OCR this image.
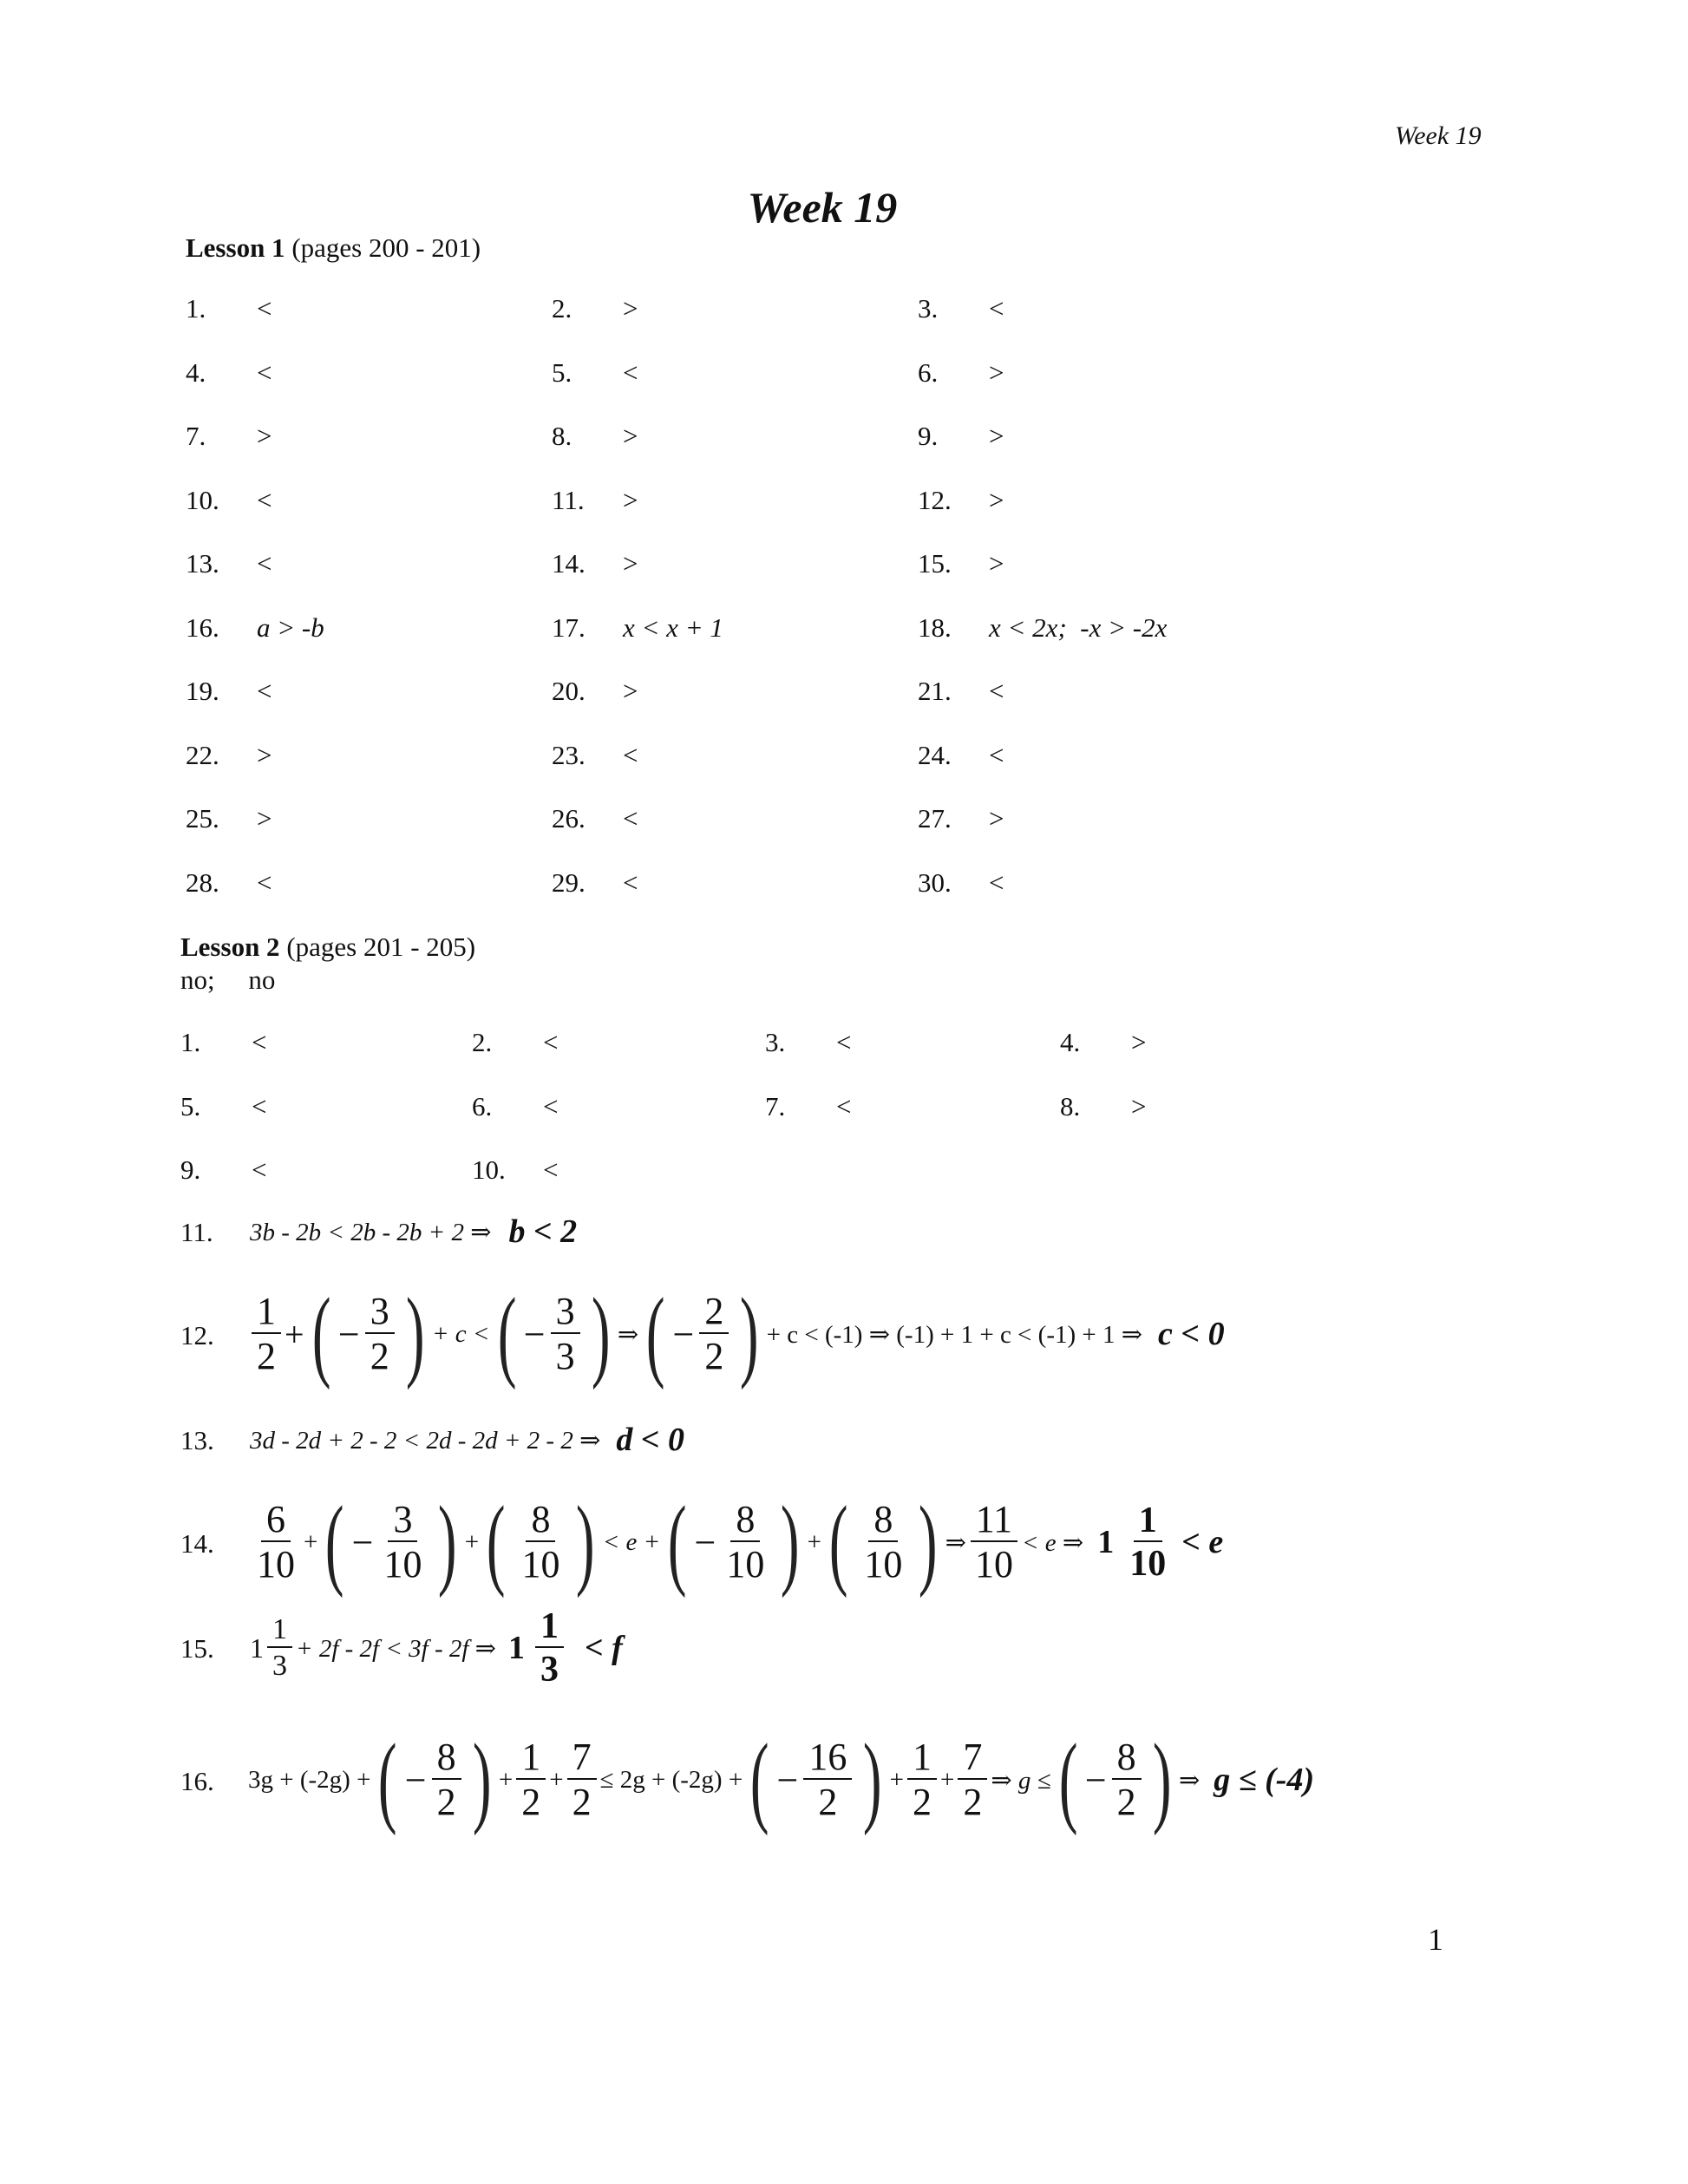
Week 19
Week 19
Lesson 1 (pages 200 - 201)
1. <	2. >	3. <
4. <	5. <	6. >
7. >	8. >	9. >
10. <	11. >	12. >
13. <	14. >	15. >
16. a > -b	17. x < x + 1	18. x < 2x;  -x > -2x
19. <	20. >	21. <
22. >	23. <	24. <
25. >	26. <	27. >
28. <	29. <	30. <
Lesson 2 (pages 201 - 205)
no;     no
1. <	2. <	3. <	4. >
5. <	6. <	7. <	8. >
9. <	10. <
11. 3b - 2b < 2b - 2b + 2 ⇒ b < 2
12. $\frac{1}{2}$ + ( − $\frac{3}{2}$ ) + c < ( − $\frac{3}{3}$ ) ⇒ ( − $\frac{2}{2}$ ) + c < (-1) ⇒ (-1) + 1 + c < (-1) + 1 ⇒ c < 0
13. 3d - 2d + 2 - 2 < 2d - 2d + 2 - 2 ⇒ d < 0
14. $\frac{6}{10}$ + ( − $\frac{3}{10}$ ) + ( $\frac{8}{10}$ ) < e + ( − $\frac{8}{10}$ ) + ( $\frac{8}{10}$ ) ⇒ $\frac{11}{10} < e$ ⇒ $1 \frac{1}{10} < e$
15. $1 \frac{1}{3} + 2f - 2f < 3f - 2f$ ⇒ $1 \frac{1}{3} < f$
16. 3g + (-2g) + ( − $\frac{8}{2}$ ) + $\frac{1}{2} + \frac{7}{2} \le 2g + (-2g)$ + ( − $\frac{16}{2}$ ) + $\frac{1}{2} + \frac{7}{2}$ ⇒ g ≤ ( − $\frac{8}{2}$ ) ⇒ g ≤ (-4)
1
